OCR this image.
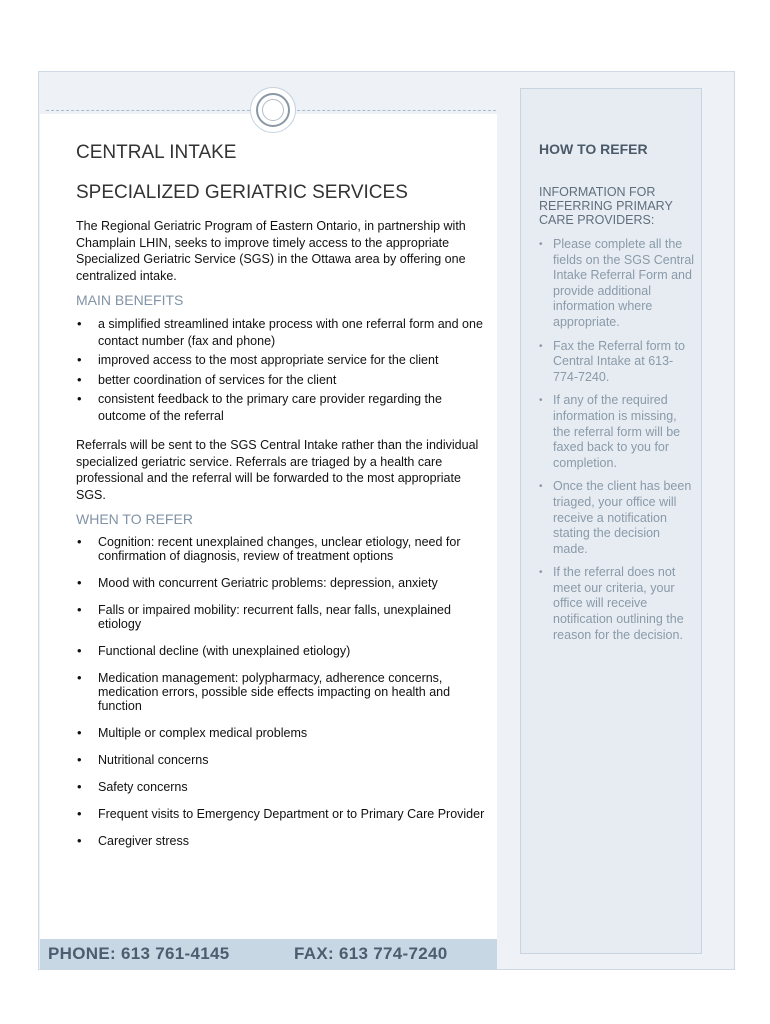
CENTRAL INTAKE
SPECIALIZED GERIATRIC SERVICES

The Regional Geriatric Program of Eastern Ontario, in partnership with Champlain LHIN, seeks to improve timely access to the appropriate Specialized Geriatric Service (SGS) in the Ottawa area by offering one centralized intake.

MAIN BENEFITS
• a simplified streamlined intake process with one referral form and one contact number (fax and phone)
• improved access to the most appropriate service for the client
• better coordination of services for the client
• consistent feedback to the primary care provider regarding the outcome of the referral

Referrals will be sent to the SGS Central Intake rather than the individual specialized geriatric service. Referrals are triaged by a health care professional and the referral will be forwarded to the most appropriate SGS.

WHEN TO REFER
• Cognition: recent unexplained changes, unclear etiology, need for confirmation of diagnosis, review of treatment options
• Mood with concurrent Geriatric problems: depression, anxiety
• Falls or impaired mobility: recurrent falls, near falls, unexplained etiology
• Functional decline (with unexplained etiology)
• Medication management: polypharmacy, adherence concerns, medication errors, possible side effects impacting on health and function
• Multiple or complex medical problems
• Nutritional concerns
• Safety concerns
• Frequent visits to Emergency Department or to Primary Care Provider
• Caregiver stress
HOW TO REFER

INFORMATION FOR REFERRING PRIMARY CARE PROVIDERS:

• Please complete all the fields on the SGS Central Intake Referral Form and provide additional information where appropriate.
• Fax the Referral form to Central Intake at 613-774-7240.
• If any of the required information is missing, the referral form will be faxed back to you for completion.
• Once the client has been triaged, your office will receive a notification stating the decision made.
• If the referral does not meet our criteria, your office will receive notification outlining the reason for the decision.
PHONE: 613 761-4145	FAX: 613 774-7240
